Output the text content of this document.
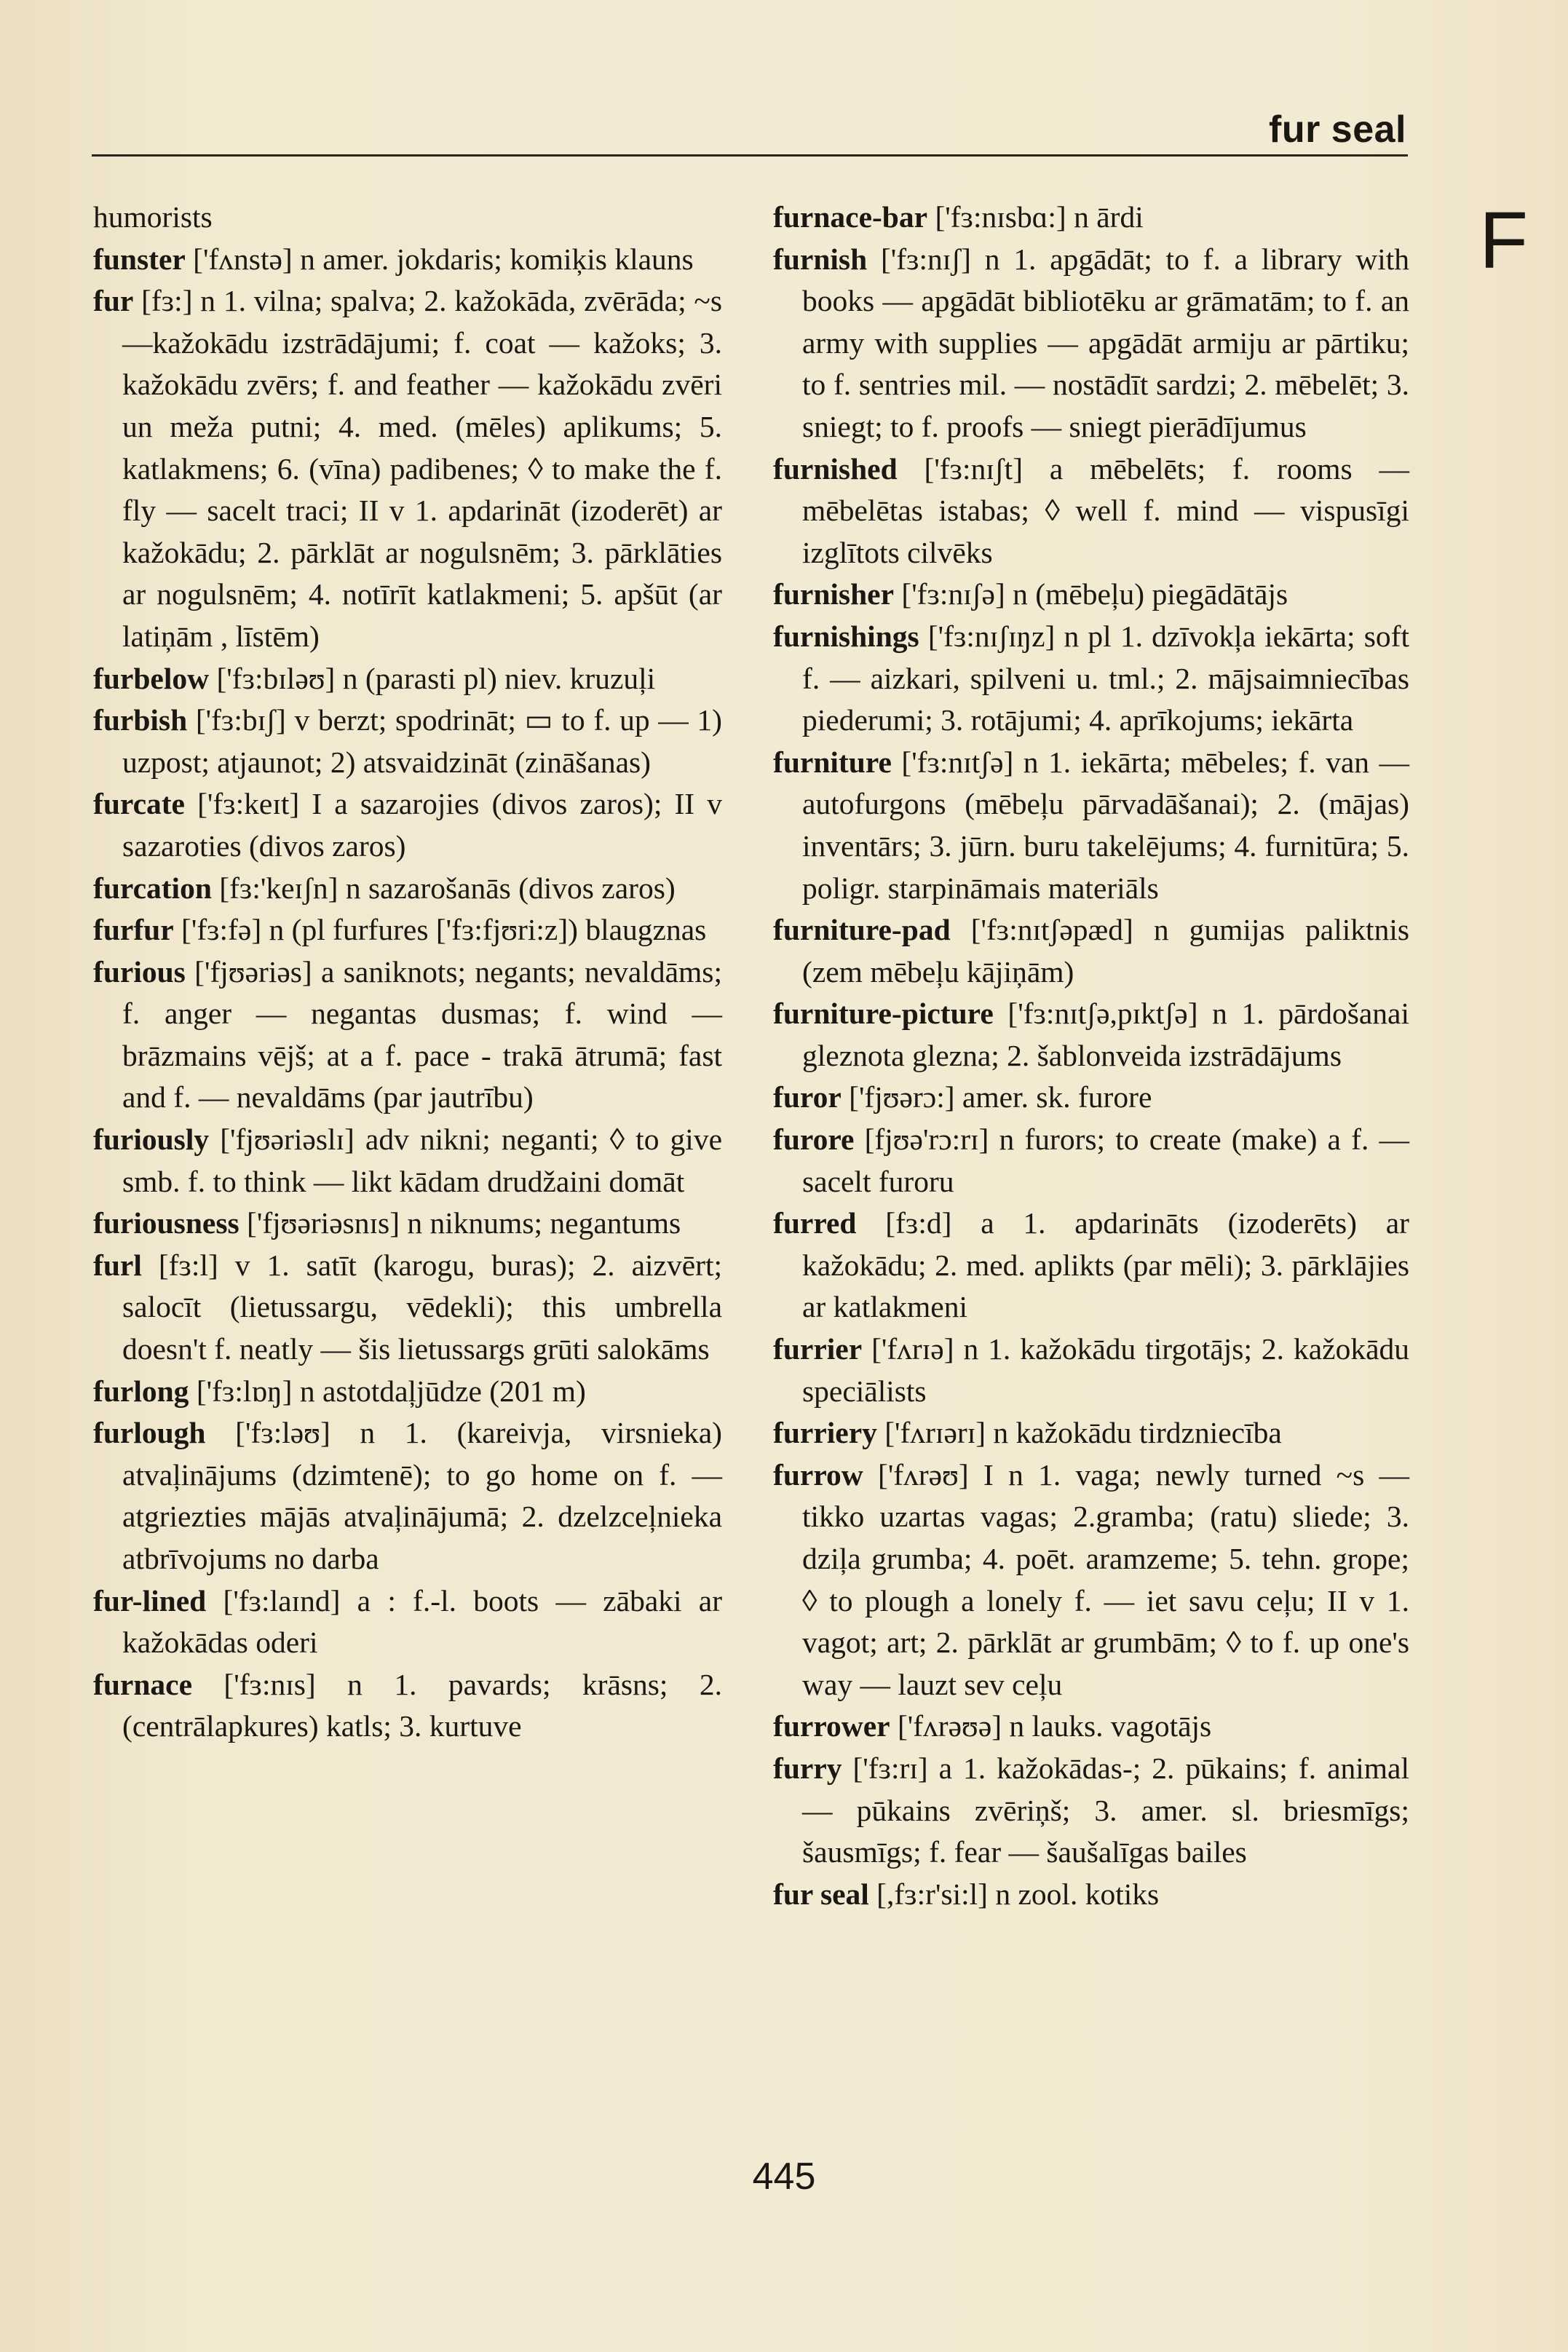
fur seal
F

humorists

funster ['fʌnstə] n amer. jokdaris; komiķis klauns

fur [fɜ:] n 1. vilna; spalva; 2. kažokāda, zvērāda; ~s —kažokādu izstrādājumi; f. coat — kažoks; 3. kažokādu zvērs; f. and feather — kažokādu zvēri un meža putni; 4. med. (mēles) aplikums; 5. katlakmens; 6. (vīna) padibenes; ◊ to make the f. fly — sacelt traci; II v 1. apdarināt (izoderēt) ar kažokādu; 2. pārklāt ar nogulsnēm; 3. pārklāties ar nogulsnēm; 4. notīrīt katlakmeni; 5. apšūt (ar latiņām , līstēm)

furbelow ['fɜ:bɪləʊ] n (parasti pl) niev. kruzuļi

furbish ['fɜ:bɪʃ] v berzt; spodrināt; ▭ to f. up — 1) uzpost; atjaunot; 2) atsvaidzināt (zināšanas)

furcate ['fɜ:keɪt] I a sazarojies (divos zaros); II v sazaroties (divos zaros)

furcation [fɜ:'keɪʃn] n sazarošanās (divos zaros)

furfur ['fɜ:fə] n (pl furfures ['fɜ:fjʊri:z]) blaugznas

furious ['fjʊəriəs] a saniknots; negants; nevaldāms; f. anger — negantas dusmas; f. wind — brāzmains vējš; at a f. pace - trakā ātrumā; fast and f. — nevaldāms (par jautrību)

furiously ['fjʊəriəslɪ] adv nikni; neganti; ◊ to give smb. f. to think — likt kādam drudžaini domāt

furiousness ['fjʊəriəsnɪs] n niknums; negantums

furl [fɜ:l] v 1. satīt (karogu, buras); 2. aizvērt; salocīt (lietussargu, vēdekli); this umbrella doesn't f. neatly — šis lietussargs grūti salokāms

furlong ['fɜ:lɒŋ] n astotdaļjūdze (201 m)

furlough ['fɜ:ləʊ] n 1. (kareivja, virsnieka) atvaļinājums (dzimtenē); to go home on f. — atgriezties mājās atvaļinājumā; 2. dzelzceļnieka atbrīvojums no darba

fur-lined ['fɜ:laɪnd] a : f.-l. boots — zābaki ar kažokādas oderi

furnace ['fɜ:nɪs] n 1. pavards; krāsns; 2. (centrālapkures) katls; 3. kurtuve

furnace-bar ['fɜ:nɪsbɑ:] n ārdi

furnish ['fɜ:nɪʃ] n 1. apgādāt; to f. a library with books — apgādāt bibliotēku ar grāmatām; to f. an army with supplies — apgādāt armiju ar pārtiku; to f. sentries mil. — nostādīt sardzi; 2. mēbelēt; 3. sniegt; to f. proofs — sniegt pierādījumus

furnished ['fɜ:nɪʃt] a mēbelēts; f. rooms — mēbelētas istabas; ◊ well f. mind — vispusīgi izglītots cilvēks

furnisher ['fɜ:nɪʃə] n (mēbeļu) piegādātājs

furnishings ['fɜ:nɪʃɪŋz] n pl 1. dzīvokļa iekārta; soft f. — aizkari, spilveni u. tml.; 2. mājsaimniecības piederumi; 3. rotājumi; 4. aprīkojums; iekārta

furniture ['fɜ:nɪtʃə] n 1. iekārta; mēbeles; f. van — autofurgons (mēbeļu pārvadāšanai); 2. (mājas) inventārs; 3. jūrn. buru takelējums; 4. furnitūra; 5. poligr. starpināmais materiāls

furniture-pad ['fɜ:nɪtʃəpæd] n gumijas paliktnis (zem mēbeļu kājiņām)

furniture-picture ['fɜ:nɪtʃə,pɪktʃə] n 1. pārdošanai gleznota glezna; 2. šablonveida izstrādājums

furor ['fjʊərɔ:] amer. sk. furore

furore [fjʊə'rɔ:rɪ] n furors; to create (make) a f. — sacelt furoru

furred [fɜ:d] a 1. apdarināts (izoderēts) ar kažokādu; 2. med. aplikts (par mēli); 3. pārklājies ar katlakmeni

furrier ['fʌrɪə] n 1. kažokādu tirgotājs; 2. kažokādu speciālists

furriery ['fʌrɪərɪ] n kažokādu tirdzniecība

furrow ['fʌrəʊ] I n 1. vaga; newly turned ~s — tikko uzartas vagas; 2.gramba; (ratu) sliede; 3. dziļa grumba; 4. poēt. aramzeme; 5. tehn. grope; ◊ to plough a lonely f. — iet savu ceļu; II v 1. vagot; art; 2. pārklāt ar grumbām; ◊ to f. up one's way — lauzt sev ceļu

furrower ['fʌrəʊə] n lauks. vagotājs

furry ['fɜ:rɪ] a 1. kažokādas-; 2. pūkains; f. animal — pūkains zvēriņš; 3. amer. sl. briesmīgs; šausmīgs; f. fear — šaušalīgas bailes

fur seal [,fɜ:r'si:l] n zool. kotiks

445
